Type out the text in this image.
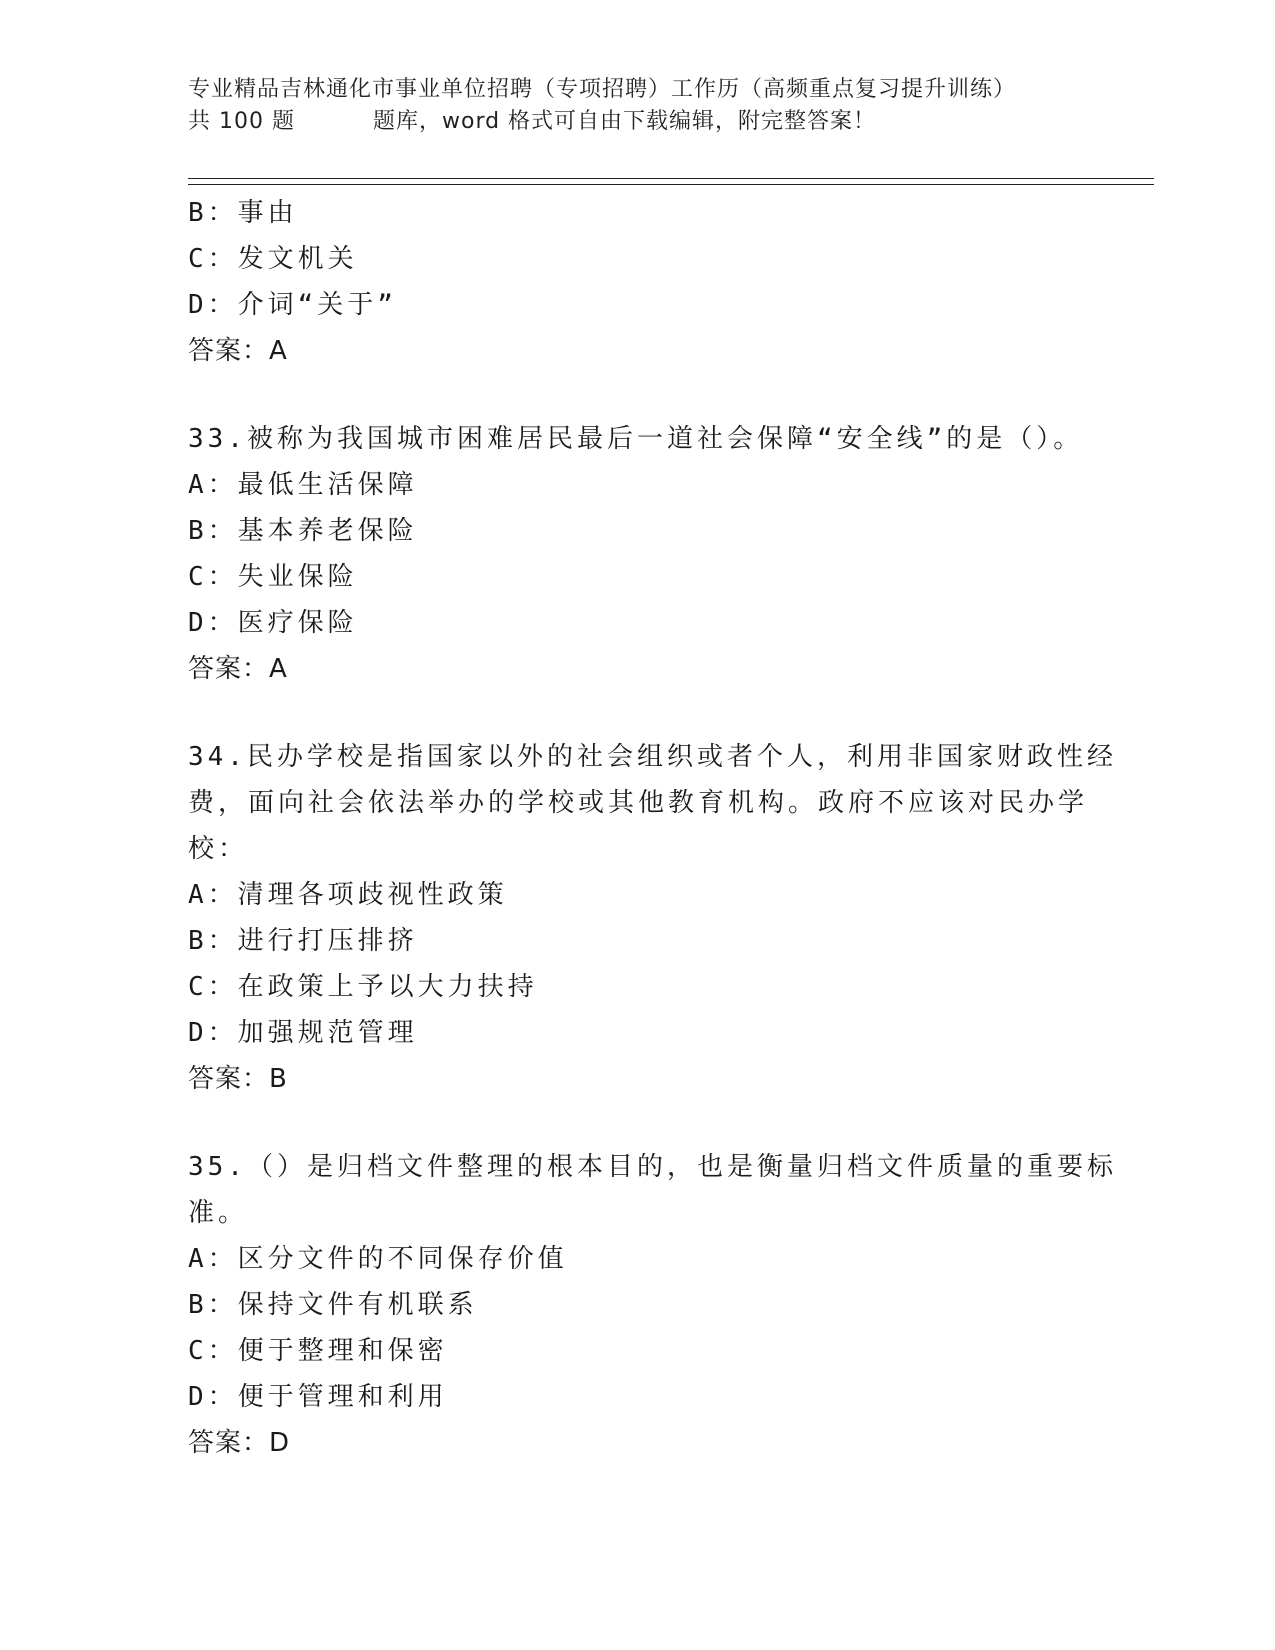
专业精品吉林通化市事业单位招聘（专项招聘）工作历（高频重点复习提升训练）
共 100 题	题库，word 格式可自由下载编辑，附完整答案！
B：事由
C：发文机关
D：介词“关于”
答案：A
33.被称为我国城市困难居民最后一道社会保障“安全线”的是（）。
A：最低生活保障
B：基本养老保险
C：失业保险
D：医疗保险
答案：A
34.民办学校是指国家以外的社会组织或者个人，利用非国家财政性经
费，面向社会依法举办的学校或其他教育机构。政府不应该对民办学
校：
A：清理各项歧视性政策
B：进行打压排挤
C：在政策上予以大力扶持
D：加强规范管理
答案：B
35.（）是归档文件整理的根本目的，也是衡量归档文件质量的重要标
准。
A：区分文件的不同保存价值
B：保持文件有机联系
C：便于整理和保密
D：便于管理和利用
答案：D
